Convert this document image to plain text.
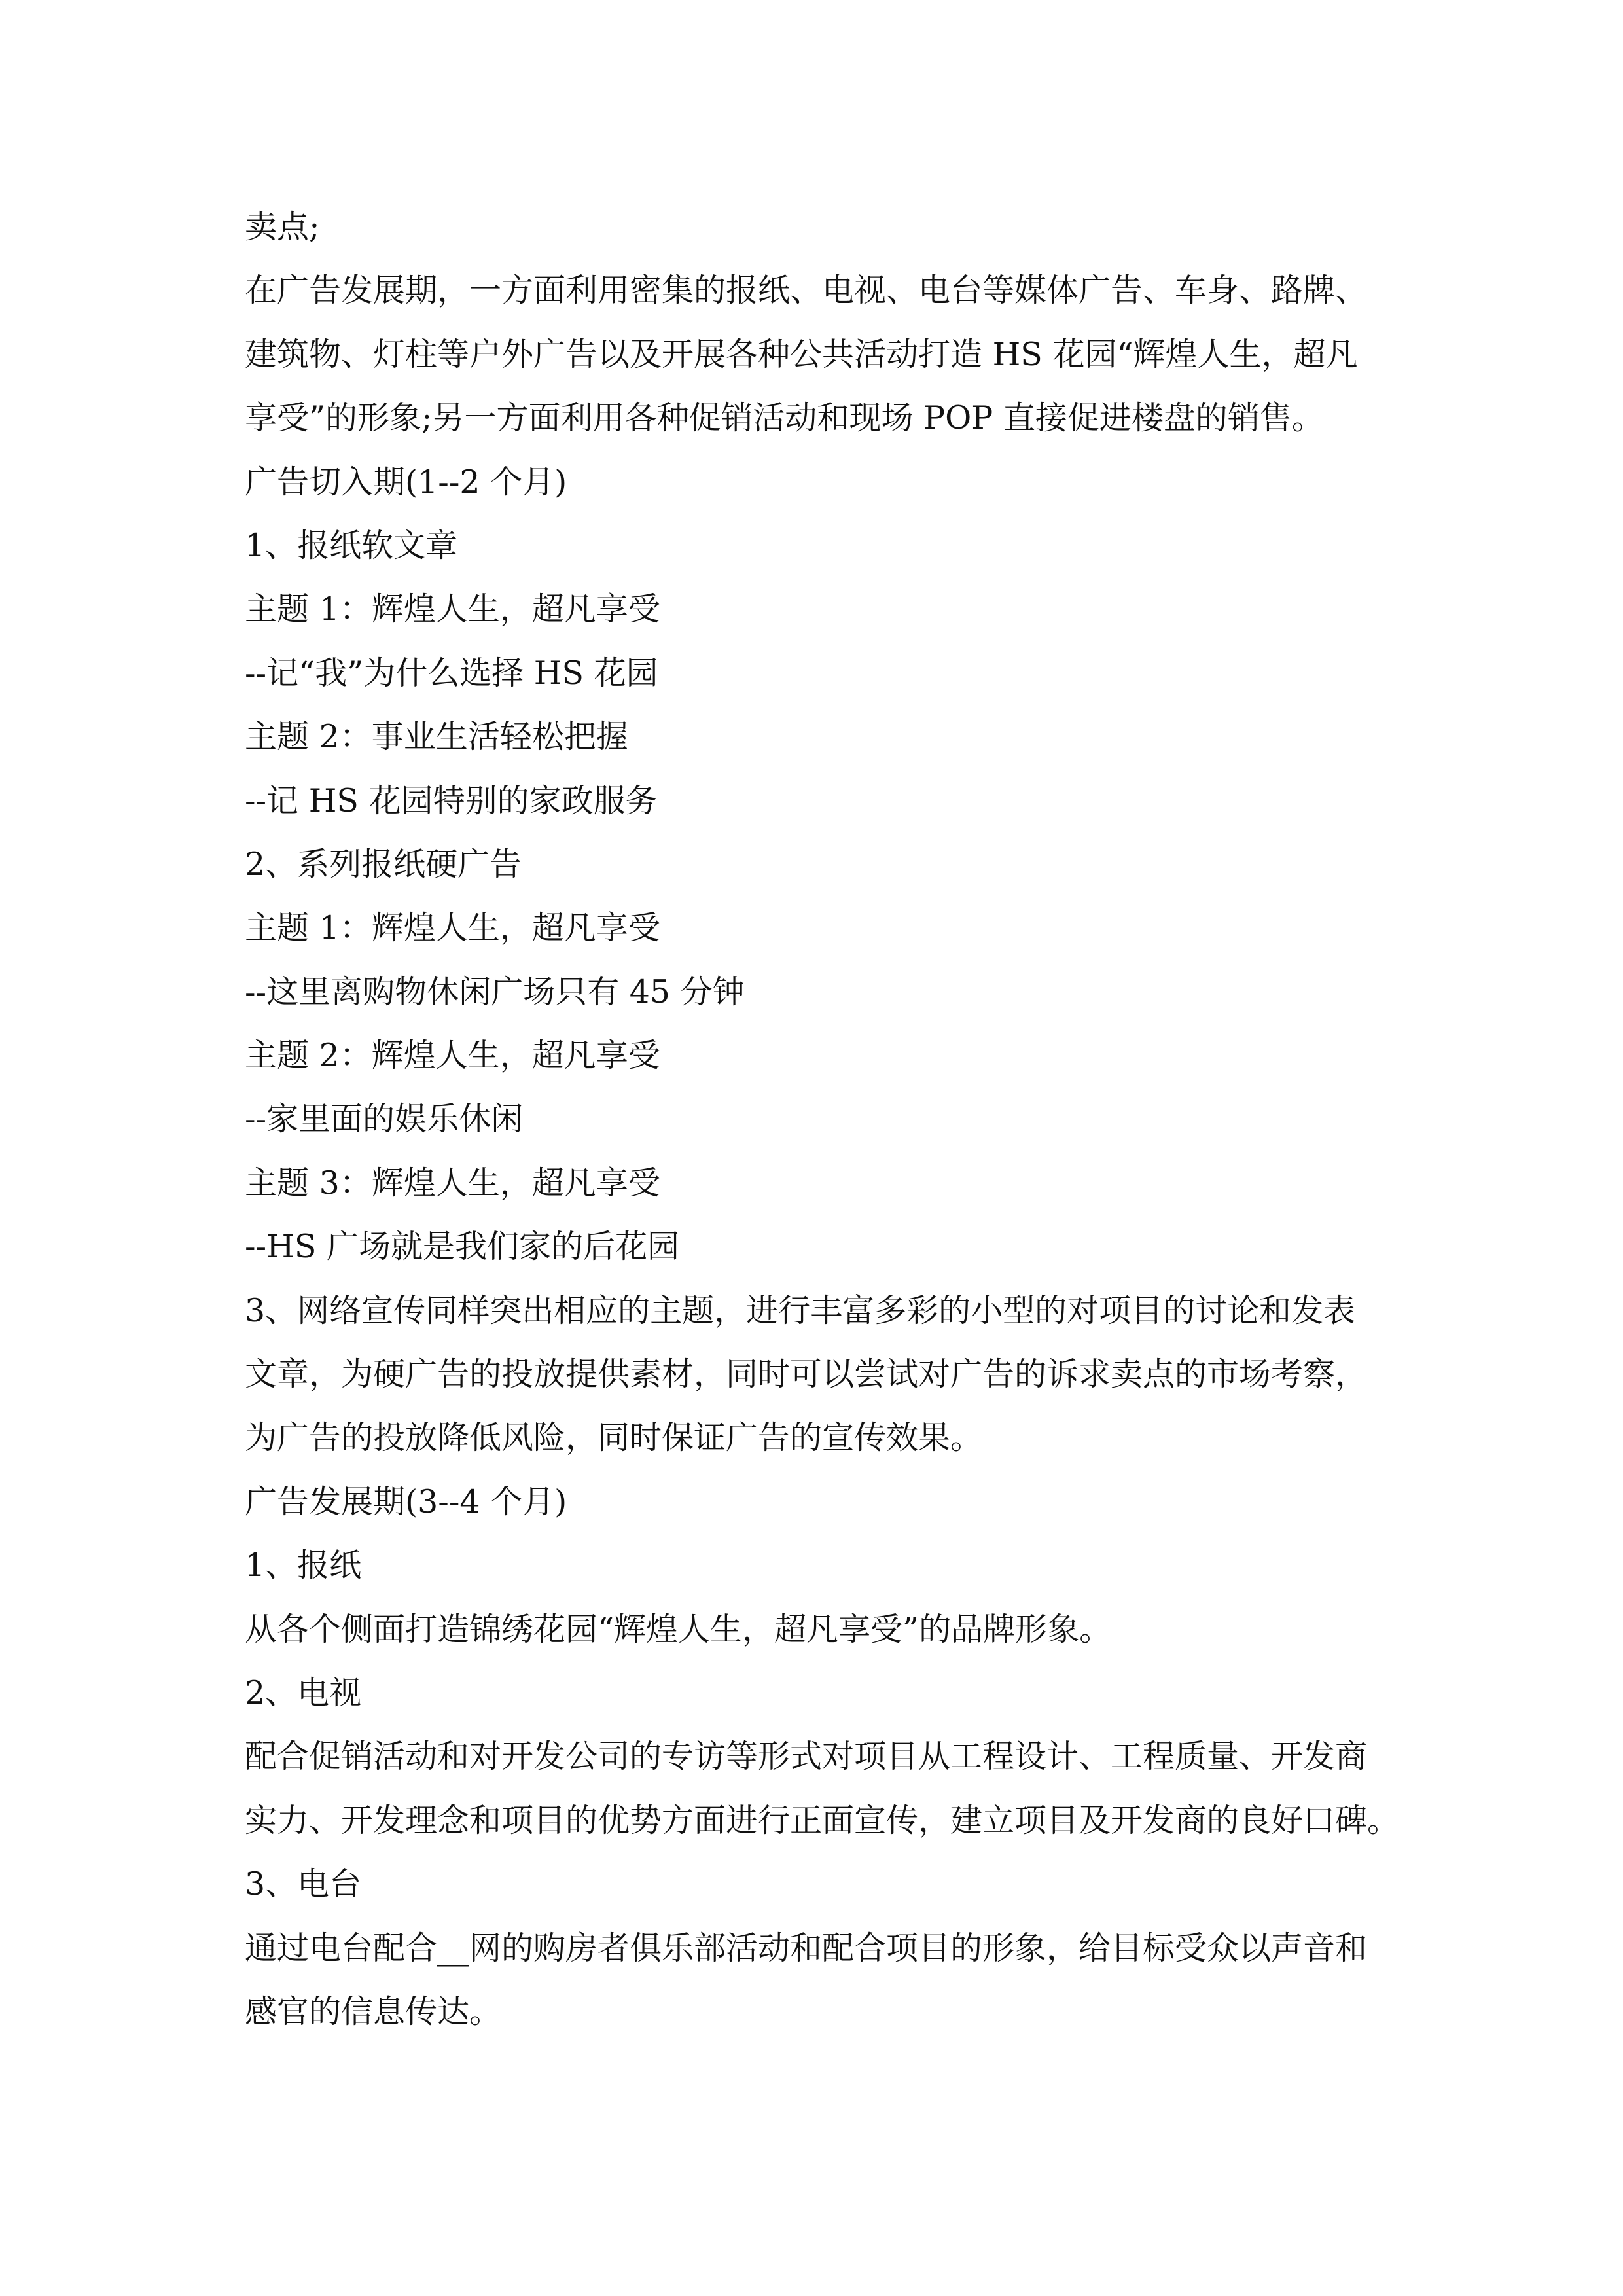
卖点;

在广告发展期，一方面利用密集的报纸、电视、电台等媒体广告、车身、路牌、

建筑物、灯柱等户外广告以及开展各种公共活动打造 HS 花园“辉煌人生，超凡

享受”的形象;另一方面利用各种促销活动和现场 POP 直接促进楼盘的销售。

广告切入期(1--2 个月)

1、报纸软文章

主题 1：辉煌人生，超凡享受

--记“我”为什么选择 HS 花园

主题 2：事业生活轻松把握

--记 HS 花园特别的家政服务

2、系列报纸硬广告

主题 1：辉煌人生，超凡享受

--这里离购物休闲广场只有 45 分钟

主题 2：辉煌人生，超凡享受

--家里面的娱乐休闲

主题 3：辉煌人生，超凡享受

--HS 广场就是我们家的后花园

3、网络宣传同样突出相应的主题，进行丰富多彩的小型的对项目的讨论和发表

文章，为硬广告的投放提供素材，同时可以尝试对广告的诉求卖点的市场考察，

为广告的投放降低风险，同时保证广告的宣传效果。

广告发展期(3--4 个月)

1、报纸

从各个侧面打造锦绣花园“辉煌人生，超凡享受”的品牌形象。

2、电视

配合促销活动和对开发公司的专访等形式对项目从工程设计、工程质量、开发商

实力、开发理念和项目的优势方面进行正面宣传，建立项目及开发商的良好口碑。

3、电台

通过电台配合__网的购房者俱乐部活动和配合项目的形象，给目标受众以声音和

感官的信息传达。
